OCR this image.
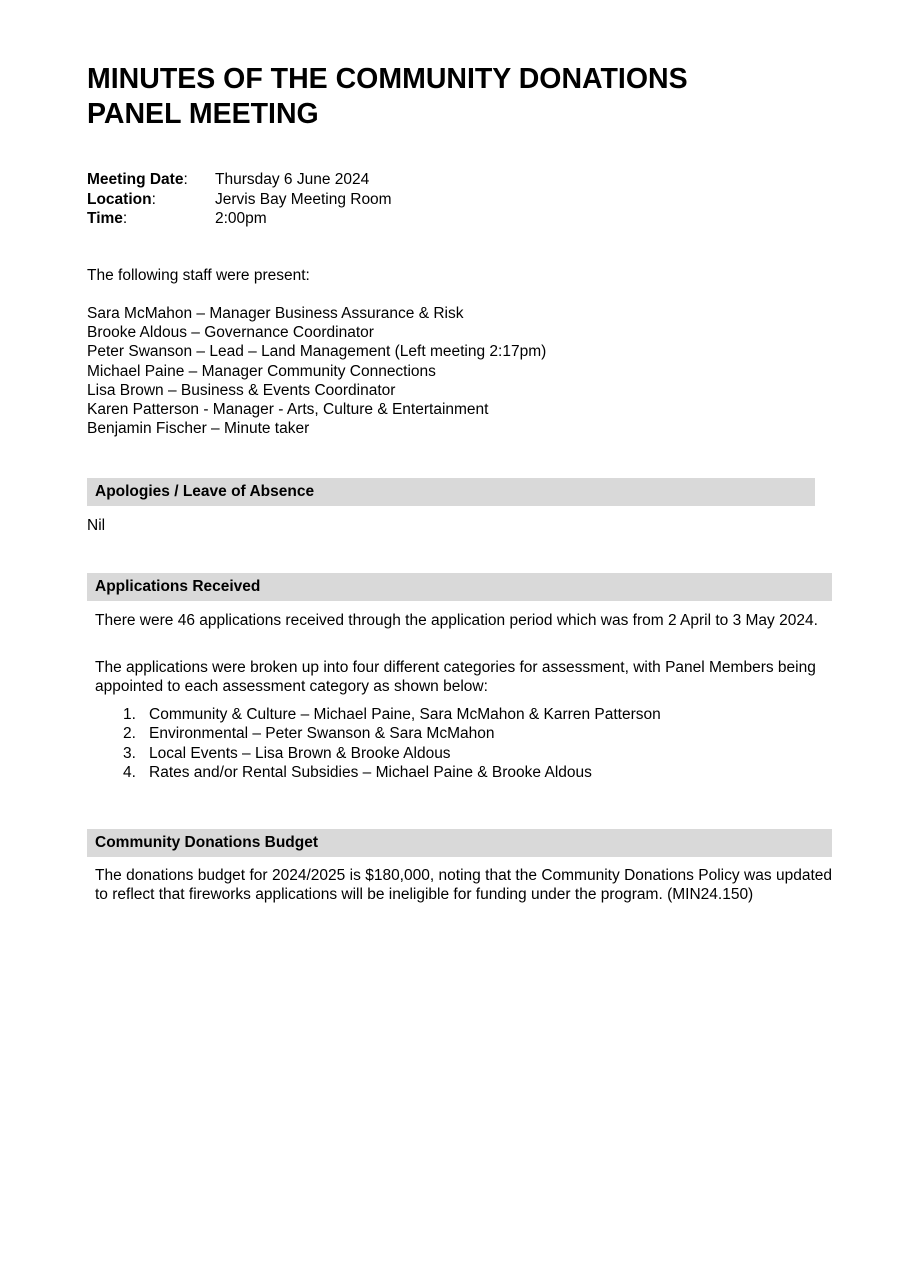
MINUTES OF THE COMMUNITY DONATIONS
PANEL MEETING
Meeting Date:	Thursday 6 June 2024
Location:	Jervis Bay Meeting Room
Time:	2:00pm
The following staff were present:
Sara McMahon – Manager Business Assurance & Risk
Brooke Aldous – Governance Coordinator
Peter Swanson – Lead – Land Management (Left meeting 2:17pm)
Michael Paine – Manager Community Connections
Lisa Brown – Business & Events Coordinator
Karen Patterson - Manager - Arts, Culture & Entertainment
Benjamin Fischer – Minute taker
Apologies / Leave of Absence
Nil
Applications Received
There were 46 applications received through the application period which was from 2 April to 3 May 2024.
The applications were broken up into four different categories for assessment, with Panel Members being appointed to each assessment category as shown below:
1. Community & Culture – Michael Paine, Sara McMahon & Karren Patterson
2. Environmental – Peter Swanson & Sara McMahon
3. Local Events – Lisa Brown & Brooke Aldous
4. Rates and/or Rental Subsidies – Michael Paine & Brooke Aldous
Community Donations Budget
The donations budget for 2024/2025 is $180,000, noting that the Community Donations Policy was updated to reflect that fireworks applications will be ineligible for funding under the program. (MIN24.150)
